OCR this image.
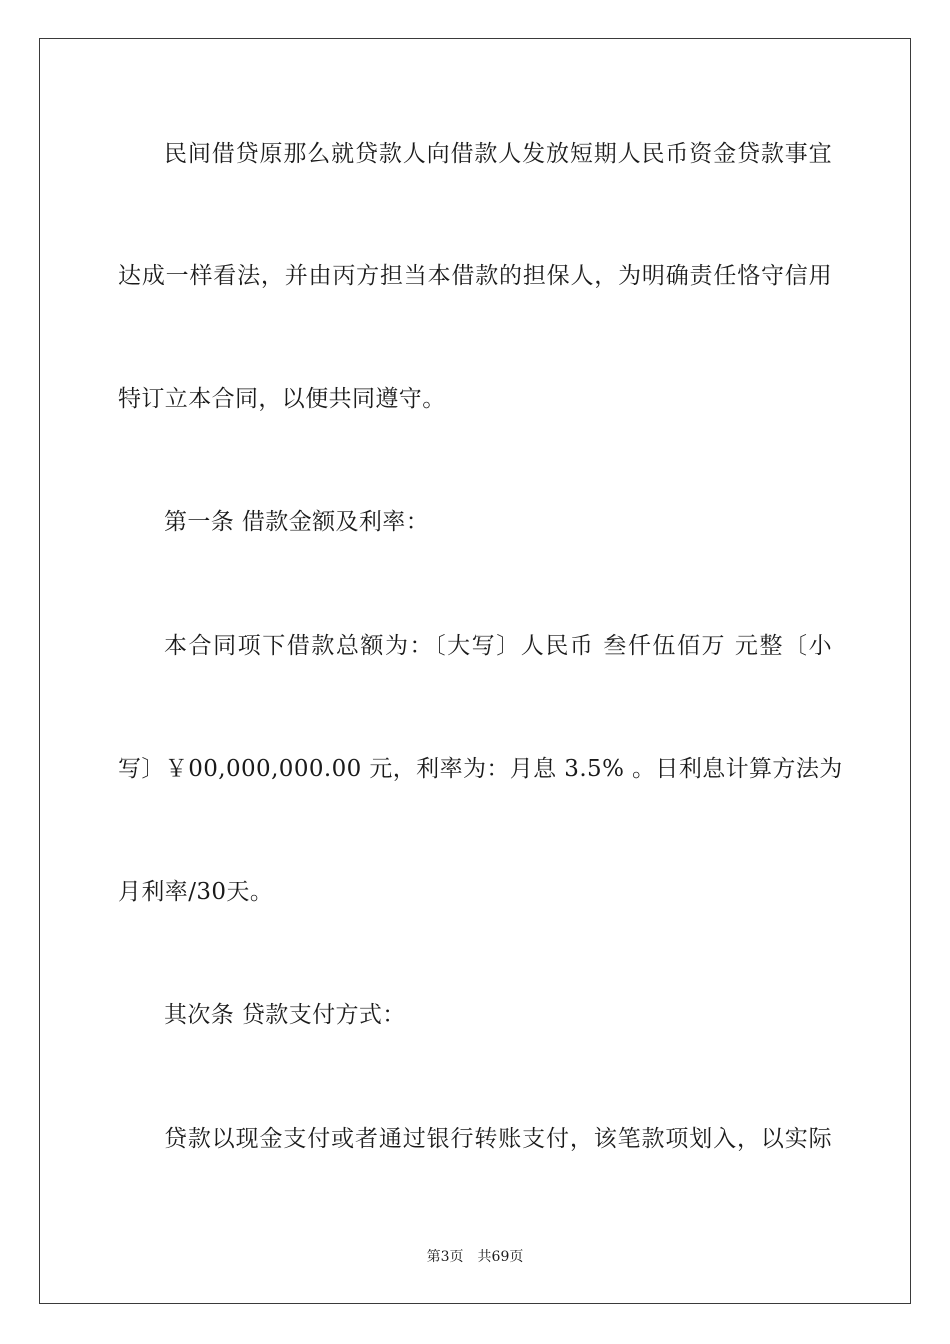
民间借贷原那么就贷款人向借款人发放短期人民币资金贷款事宜
达成一样看法，并由丙方担当本借款的担保人，为明确责任恪守信用
特订立本合同，以便共同遵守。
第一条 借款金额及利率：
本合同项下借款总额为：〔大写〕人民币 叁仟伍佰万 元整〔小
写〕￥00,000,000.00 元，利率为：月息 3.5% 。日利息计算方法为
月利率/30天。
其次条 贷款支付方式：
贷款以现金支付或者通过银行转账支付，该笔款项划入，以实际
第3页 共69页
